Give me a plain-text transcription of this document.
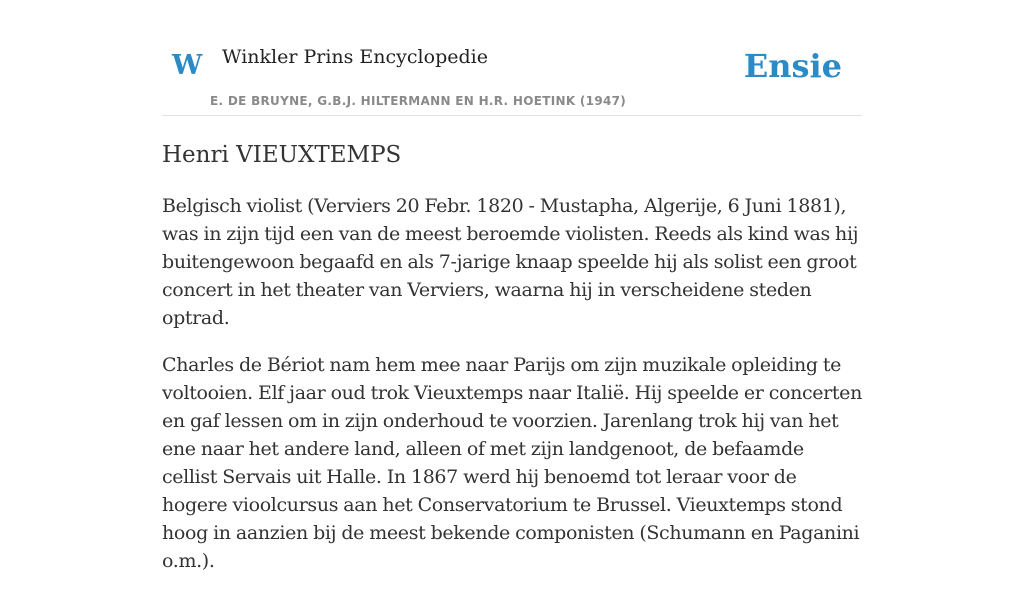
W Winkler Prins Encyclopedie
E. DE BRUYNE, G.B.J. HILTERMANN EN H.R. HOETINK (1947)
Ensie
Henri VIEUXTEMPS

Belgisch violist (Verviers 20 Febr. 1820 - Mustapha, Algerije, 6 Juni 1881), was in zijn tijd een van de meest beroemde violisten. Reeds als kind was hij buitengewoon begaafd en als 7-jarige knaap speelde hij als solist een groot concert in het theater van Verviers, waarna hij in verscheidene steden optrad.

Charles de Bériot nam hem mee naar Parijs om zijn muzikale opleiding te voltooien. Elf jaar oud trok Vieuxtemps naar Italië. Hij speelde er concerten en gaf lessen om in zijn onderhoud te voorzien. Jarenlang trok hij van het ene naar het andere land, alleen of met zijn landgenoot, de befaamde cellist Servais uit Halle. In 1867 werd hij benoemd tot leraar voor de hogere vioolcursus aan het Conservatorium te Brussel. Vieuxtemps stond hoog in aanzien bij de meest bekende componisten (Schumann en Paganini o.m.).
